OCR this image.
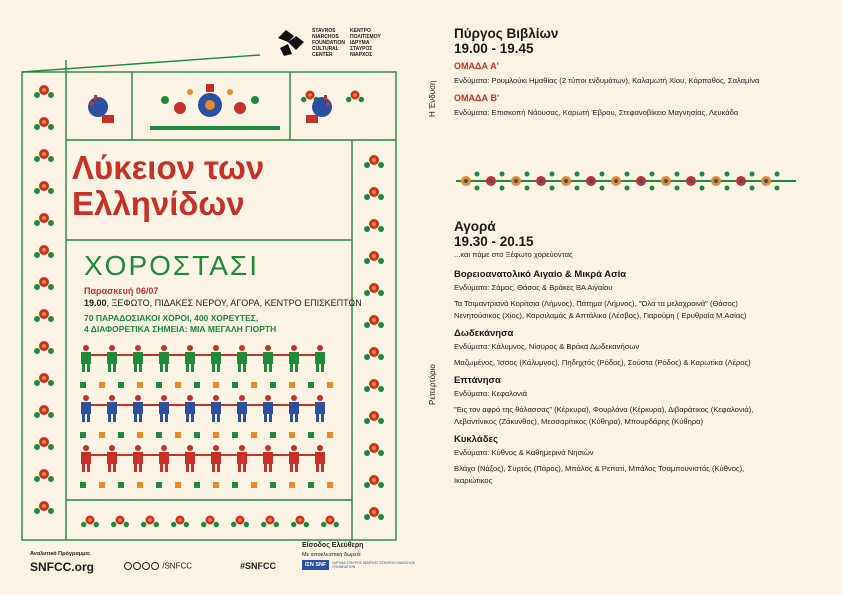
STAVROS
NIARCHOS
FOUNDATION
CULTURAL
CENTER
ΚΕΝΤΡΟ
ΠΟΛΙΤΙΣΜΟΥ
ΙΔΡΥΜΑ
ΣΤΑΥΡΟΣ
ΝΙΑΡΧΟΣ
Λύκειον των
Ελληνίδων
ΧΟΡΟΣΤΑΣΙ
Παρασκευή 06/07
19.00, ΞΕΦΩΤΟ, ΠΙΔΑΚΕΣ ΝΕΡΟΥ, ΑΓΟΡΑ, ΚΕΝΤΡΟ ΕΠΙΣΚΕΠΤΩΝ
70 ΠΑΡΑΔΟΣΙΑΚΟΙ ΧΟΡΟΙ, 400 ΧΟΡΕΥΤΕΣ,
4 ΔΙΑΦΟΡΕΤΙΚΑ ΣΗΜΕΙΑ: ΜΙΑ ΜΕΓΑΛΗ ΓΙΟΡΤΗ
Η Ένδυση
Ρεπερτόριο
Πύργος Βιβλίων
19.00 - 19.45
ΟΜΑΔΑ Α'
Ενδύματα: Ρουμλούκι Ημαθίας (2 τύποι ενδυμάτων), Καλαμωτή Χίου, Κάρπαθος, Σαλαμίνα
ΟΜΑΔΑ Β'
Ενδύματα: Επισκοπή Νάουσας, Καρωτή Έβρου, Στεφανοβίκειο Μαγνησίας, Λευκάδα
Αγορά
19.30 - 20.15
...και πάμε στο Ξέφωτο χορεύοντας
Βορειοανατολικό Αιγαίο & Μικρά Ασία
Ενδύματα: Σάμος, Θάσος & Βράκες ΒΑ Αιγαίου
Τα Τσιμαντριανά Κορίτσια (Λήμνος), Πάτημα (Λήμνος), "Όλα τα μελαχροινά" (Θάσος)
Νενητούσικος (Χίος), Καρσιλαμάς & Απτάλικο (Λέσβος), Γιαρούμη ( Ερυθραία Μ.Ασίας)
Δωδεκάνησα
Ενδύματα: Κάλυμνος, Νίσυρος & Βράκα Δωδεκανήσων
Μαζωμένος, Ίσσος (Κάλυμνος), Πηδηχτός (Ρόδος), Σούστα (Ρόδος) & Καρωτίκα (Λέρος)
Επτάνησα
Ενδύματα: Κεφαλονιά
"Εις τον αφρό της θάλασσας" (Κέρκυρα), Φουρλάνα (Κέρκυρα), Διβαράτικος (Κεφαλονιά),
Λεβαντίνικος (Ζάκυνθος), Μεσσαρίτικος (Κύθηρα), Μπουρδάρης (Κύθηρα)
Κυκλάδες
Ενδύματα: Κύθνος & Καθημερινά Νησιών
Βλάχα (Νάξος), Συρτός (Πάρος), Μπάλος & Ρεπατί, Μπάλος Τσαμπουνιστός (Κύθνος),
Ικαριώτικος
Αναλυτικό Πρόγραμμα:
SNFCC.org	/SNFCC	#SNFCC
Είσοδος Ελεύθερη
Με αποκλειστική δωρεά:
ΙΣΝ SNF	ΙΔΡΥΜΑ ΣΤΑΥΡΟΣ ΝΙΑΡΧΟΣ STAVROS NIARCHOS FOUNDATION
